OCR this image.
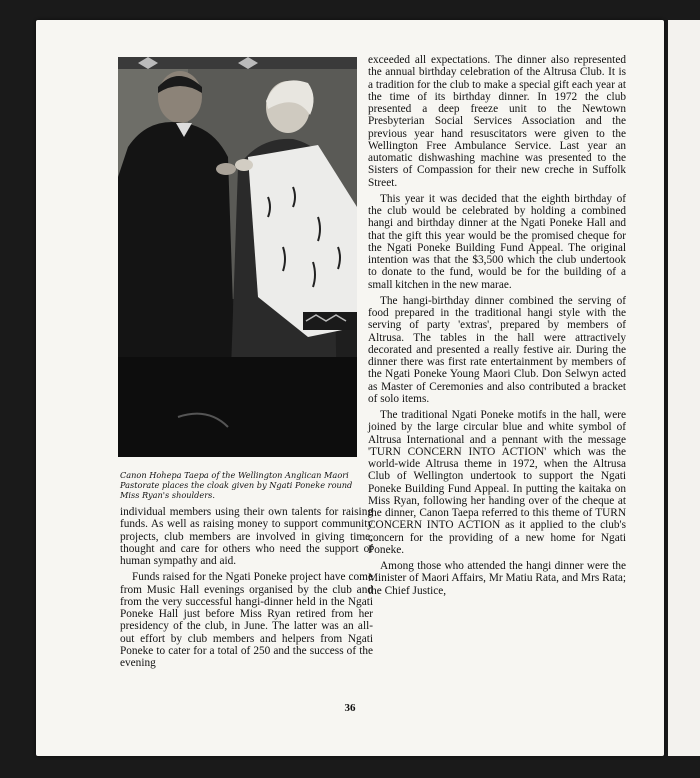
Canon Hohepa Taepa of the Wellington Anglican Maori Pastorate places the cloak given by Ngati Poneke round Miss Ryan's shoulders.

individual members using their own talents for raising funds. As well as raising money to support community projects, club members are involved in giving time, thought and care for others who need the support of human sympathy and aid.

Funds raised for the Ngati Poneke project have come from Music Hall evenings organised by the club and from the very successful hangi-dinner held in the Ngati Poneke Hall just before Miss Ryan retired from her presidency of the club, in June. The latter was an all-out effort by club members and helpers from Ngati Poneke to cater for a total of 250 and the success of the evening

exceeded all expectations. The dinner also represented the annual birthday celebration of the Altrusa Club. It is a tradition for the club to make a special gift each year at the time of its birthday dinner. In 1972 the club presented a deep freeze unit to the Newtown Presbyterian Social Services Association and the previous year hand resuscitators were given to the Wellington Free Ambulance Service. Last year an automatic dishwashing machine was presented to the Sisters of Compassion for their new creche in Suffolk Street.

This year it was decided that the eighth birthday of the club would be celebrated by holding a combined hangi and birthday dinner at the Ngati Poneke Hall and that the gift this year would be the promised cheque for the Ngati Poneke Building Fund Appeal. The original intention was that the $3,500 which the club undertook to donate to the fund, would be for the building of a small kitchen in the new marae.

The hangi-birthday dinner combined the serving of food prepared in the traditional hangi style with the serving of party 'extras', prepared by members of Altrusa. The tables in the hall were attractively decorated and presented a really festive air. During the dinner there was first rate entertainment by members of the Ngati Poneke Young Maori Club. Don Selwyn acted as Master of Ceremonies and also contributed a bracket of solo items.

The traditional Ngati Poneke motifs in the hall, were joined by the large circular blue and white symbol of Altrusa International and a pennant with the message 'TURN CONCERN INTO ACTION' which was the world-wide Altrusa theme in 1972, when the Altrusa Club of Wellington undertook to support the Ngati Poneke Building Fund Appeal. In putting the kaitaka on Miss Ryan, following her handing over of the cheque at the dinner, Canon Taepa referred to this theme of TURN CONCERN INTO ACTION as it applied to the club's concern for the providing of a new home for Ngati Poneke.

Among those who attended the hangi dinner were the Minister of Maori Affairs, Mr Matiu Rata, and Mrs Rata; the Chief Justice,

36
